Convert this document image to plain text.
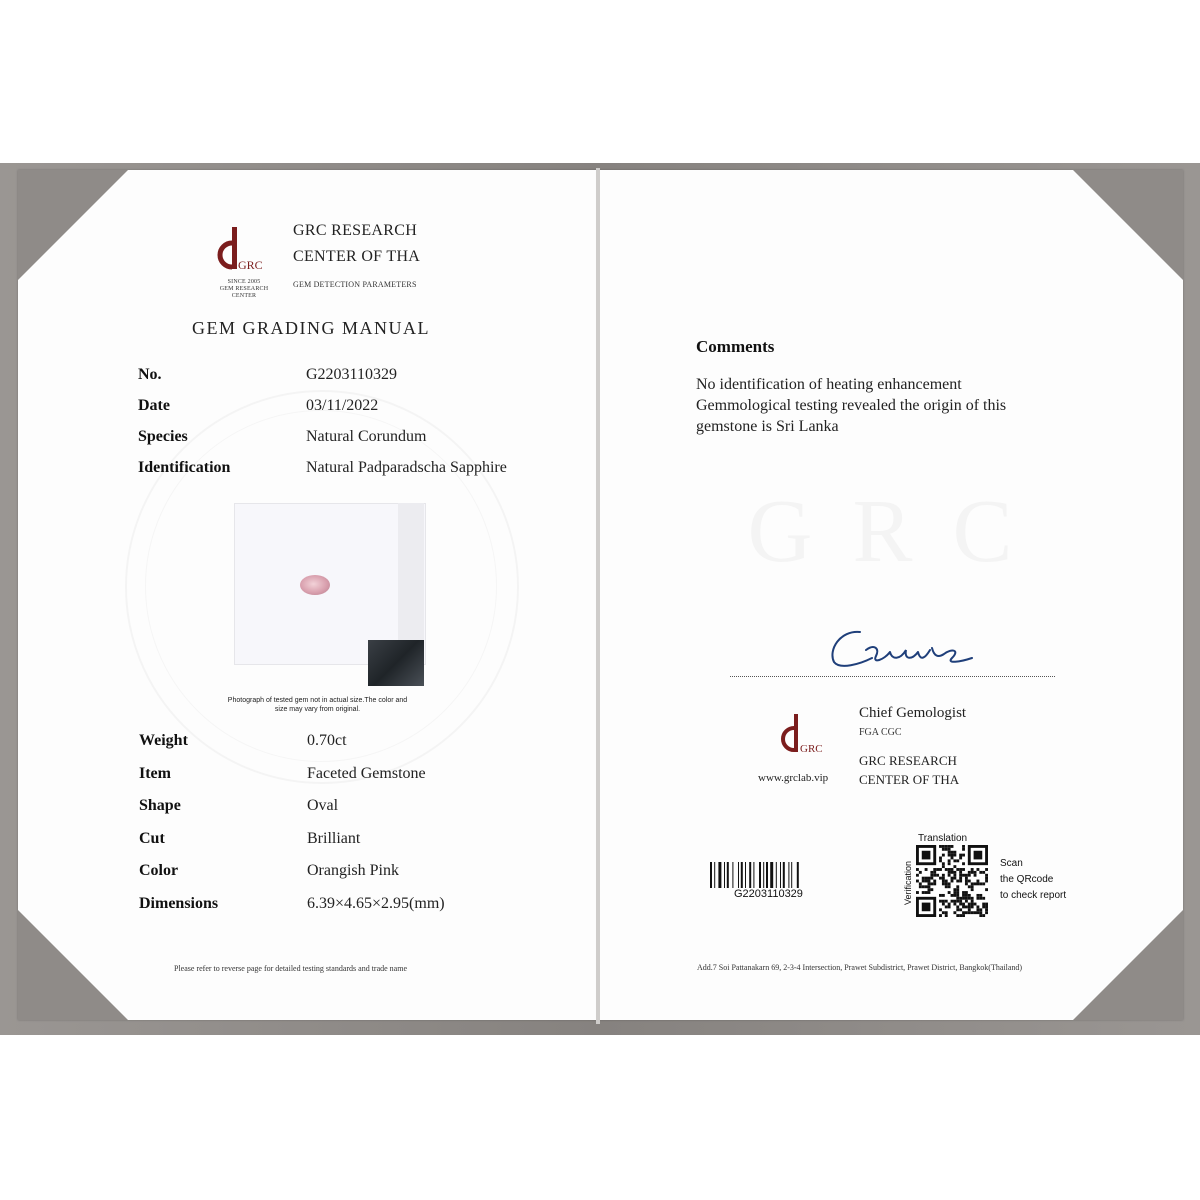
GRC
SINCE 2005
GEM RESEARCH CENTER
GRC RESEARCH
CENTER OF THA
GEM DETECTION PARAMETERS
GEM GRADING MANUAL
No.	G2203110329
Date	03/11/2022
Species	Natural Corundum
Identification	Natural Padparadscha Sapphire
Photograph of tested gem not in actual size.The color and
size may vary from original.
Weight	0.70ct
Item	Faceted Gemstone
Shape	Oval
Cut	Brilliant
Color	Orangish Pink
Dimensions	6.39×4.65×2.95(mm)
Please refer to reverse page for detailed testing standards and trade name
Comments
No identification of heating enhancement
Gemmological testing revealed the origin of this
gemstone is Sri Lanka
GRC
www.grclab.vip
Chief Gemologist
FGA CGC
GRC RESEARCH
CENTER OF THA
G2203110329
Translation
Verification	Scan
the QRcode
to check report
Add.7 Soi Pattanakarn 69, 2-3-4 Intersection, Prawet Subdistrict, Prawet District, Bangkok(Thailand)
